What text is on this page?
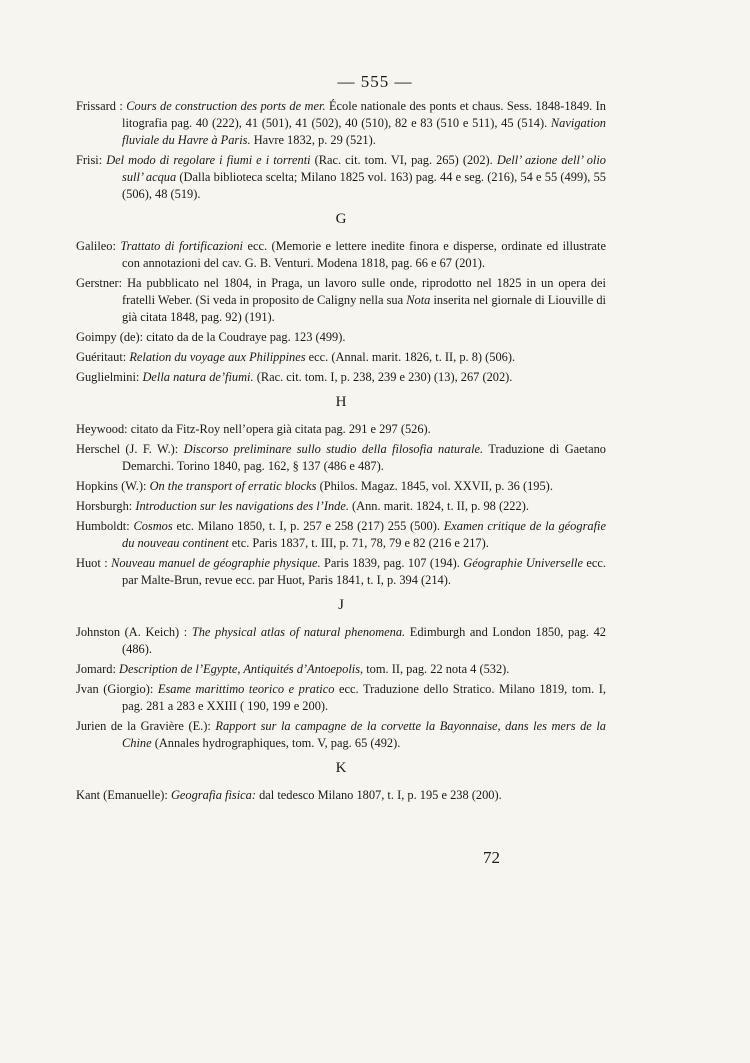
— 555 —

Frissard : Cours de construction des ports de mer. École nationale des ponts et chaus. Sess. 1848-1849. In litografia pag. 40 (222), 41 (501), 41 (502), 40 (510), 82 e 83 (510 e 511), 45 (514). Navigation fluviale du Havre à Paris. Havre 1832, p. 29 (521).

Frisi: Del modo di regolare i fiumi e i torrenti (Rac. cit. tom. VI, pag. 265) (202). Dell’ azione dell’ olio sull’ acqua (Dalla biblioteca scelta; Milano 1825 vol. 163) pag. 44 e seg. (216), 54 e 55 (499), 55 (506), 48 (519).

G

Galileo: Trattato di fortificazioni ecc. (Memorie e lettere inedite finora e disperse, ordinate ed illustrate con annotazioni del cav. G. B. Venturi. Modena 1818, pag. 66 e 67 (201).

Gerstner: Ha pubblicato nel 1804, in Praga, un lavoro sulle onde, riprodotto nel 1825 in un opera dei fratelli Weber. (Si veda in proposito de Caligny nella sua Nota inserita nel giornale di Liouville di già citata 1848, pag. 92) (191).

Goimpy (de): citato da de la Coudraye pag. 123 (499).

Guéritaut: Relation du voyage aux Philippines ecc. (Annal. marit. 1826, t. II, p. 8) (506).

Guglielmini: Della natura de’fiumi. (Rac. cit. tom. I, p. 238, 239 e 230) (13), 267 (202).

H

Heywood: citato da Fitz-Roy nell’opera già citata pag. 291 e 297 (526).

Herschel (J. F. W.): Discorso preliminare sullo studio della filosofia naturale. Traduzione di Gaetano Demarchi. Torino 1840, pag. 162, § 137 (486 e 487).

Hopkins (W.): On the transport of erratic blocks (Philos. Magaz. 1845, vol. XXVII, p. 36 (195).

Horsburgh: Introduction sur les navigations des l’Inde. (Ann. marit. 1824, t. II, p. 98 (222).

Humboldt: Cosmos etc. Milano 1850, t. I, p. 257 e 258 (217) 255 (500). Examen critique de la géografie du nouveau continent etc. Paris 1837, t. III, p. 71, 78, 79 e 82 (216 e 217).

Huot : Nouveau manuel de géographie physique. Paris 1839, pag. 107 (194). Géographie Universelle ecc. par Malte-Brun, revue ecc. par Huot, Paris 1841, t. I, p. 394 (214).

J

Johnston (A. Keich) : The physical atlas of natural phenomena. Edimburgh and London 1850, pag. 42 (486).

Jomard: Description de l’Egypte, Antiquités d’Antoepolis, tom. II, pag. 22 nota 4 (532).

Jvan (Giorgio): Esame marittimo teorico e pratico ecc. Traduzione dello Stratico. Milano 1819, tom. I, pag. 281 a 283 e XXIII ( 190, 199 e 200).

Jurien de la Gravière (E.): Rapport sur la campagne de la corvette la Bayonnaise, dans les mers de la Chine (Annales hydrographiques, tom. V, pag. 65 (492).

K

Kant (Emanuelle): Geografia fisica: dal tedesco Milano 1807, t. I, p. 195 e 238 (200).

72
